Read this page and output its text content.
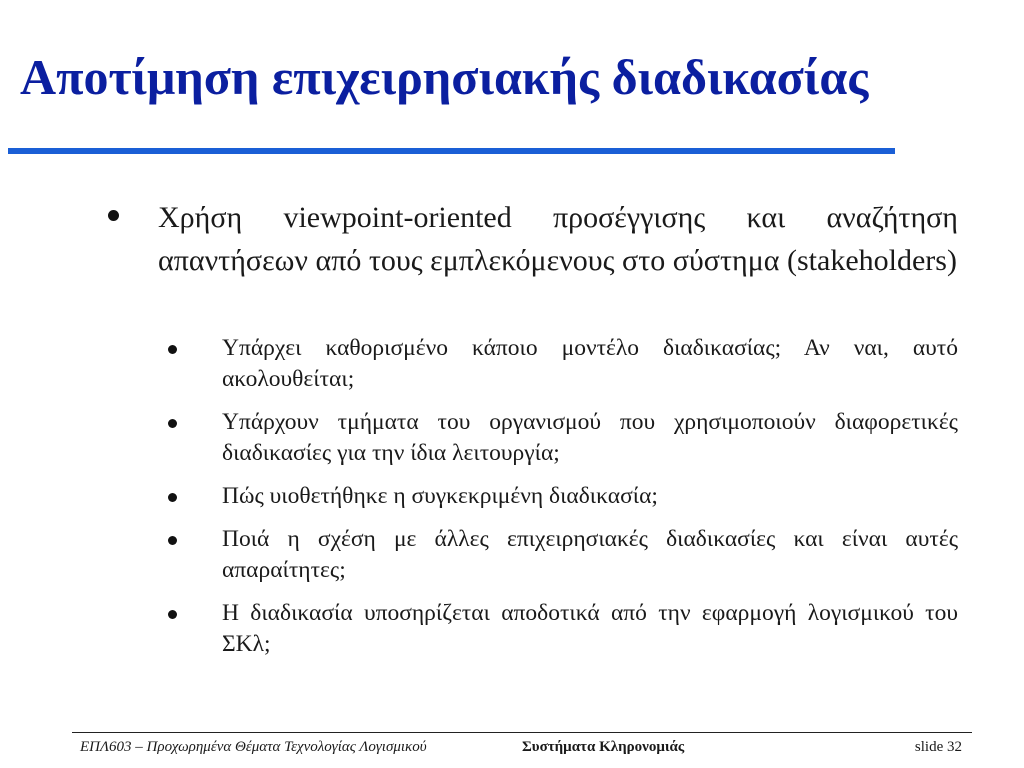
Αποτίμηση επιχειρησιακής διαδικασίας
Χρήση viewpoint-oriented προσέγγισης και αναζήτηση απαντήσεων από τους εμπλεκόμενους στο σύστημα (stakeholders)
Υπάρχει καθορισμένο κάποιο μοντέλο διαδικασίας; Αν ναι, αυτό ακολουθείται;
Υπάρχουν τμήματα του οργανισμού που χρησιμοποιούν διαφορετικές διαδικασίες για την ίδια λειτουργία;
Πώς υιοθετήθηκε η συγκεκριμένη διαδικασία;
Ποιά η σχέση με άλλες επιχειρησιακές διαδικασίες και είναι αυτές απαραίτητες;
Η διαδικασία υποσηρίζεται αποδοτικά από την εφαρμογή λογισμικού του ΣΚλ;
ΕΠΛ603 – Προχωρημένα Θέματα Τεχνολογίας Λογισμικού	Συστήματα Κληρονομιάς	slide 32
